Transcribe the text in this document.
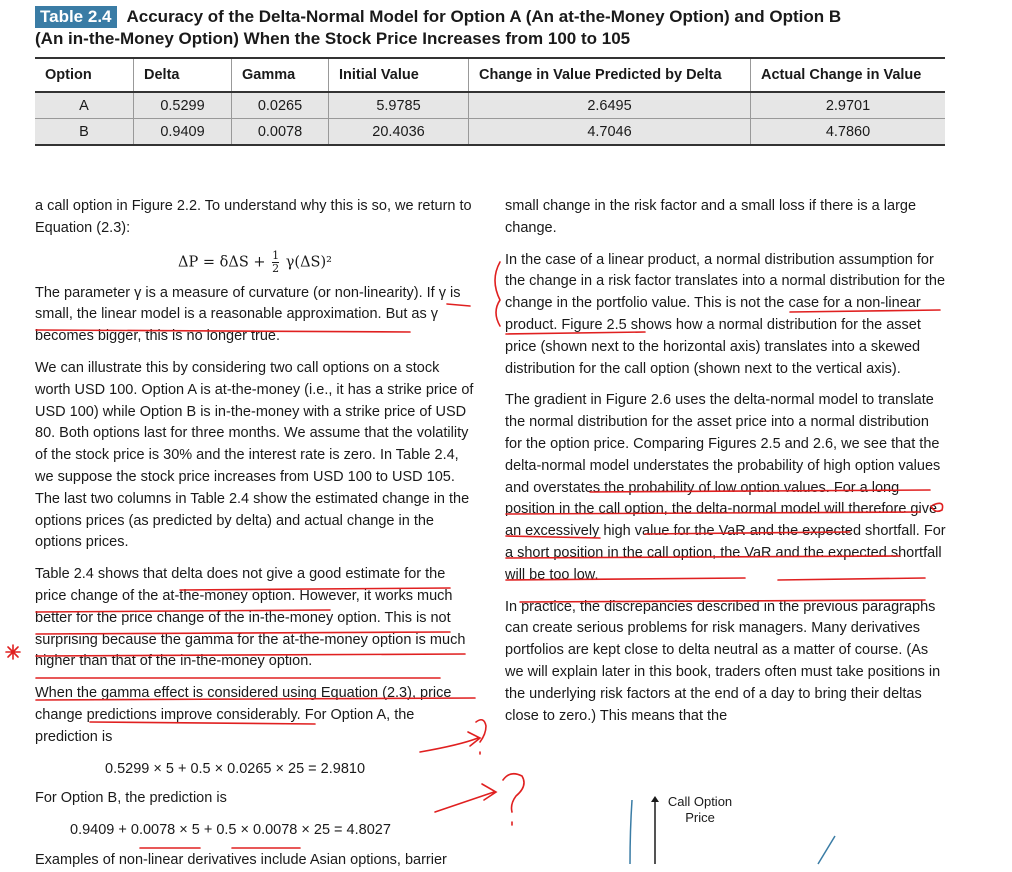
Table 2.4 Accuracy of the Delta-Normal Model for Option A (An at-the-Money Option) and Option B
(An in-the-Money Option) When the Stock Price Increases from 100 to 105
Option	Delta	Gamma	Initial Value	Change in Value Predicted by Delta	Actual Change in Value
A	0.5299	0.0265	5.9785	2.6495	2.9701
B	0.9409	0.0078	20.4036	4.7046	4.7860

a call option in Figure 2.2. To understand why this is so, we return to Equation (2.3):

$\Delta P = \delta\Delta S + \frac{1}{2} \gamma(\Delta S)^2$

The parameter γ is a measure of curvature (or non-linearity). If γ is small, the linear model is a reasonable approximation. But as γ becomes bigger, this is no longer true.

We can illustrate this by considering two call options on a stock worth USD 100. Option A is at-the-money (i.e., it has a strike price of USD 100) while Option B is in-the-money with a strike price of USD 80. Both options last for three months. We assume that the volatility of the stock price is 30% and the interest rate is zero. In Table 2.4, we suppose the stock price increases from USD 100 to USD 105. The last two columns in Table 2.4 show the estimated change in the options prices (as predicted by delta) and actual change in the options prices.

Table 2.4 shows that delta does not give a good estimate for the price change of the at-the-money option. However, it works much better for the price change of the in-the-money option. This is not surprising because the gamma for the at-the-money option is much higher than that of the in-the-money option.

When the gamma effect is considered using Equation (2.3), price change predictions improve considerably. For Option A, the prediction is

0.5299 × 5 + 0.5 × 0.0265 × 25 = 2.9810

For Option B, the prediction is

0.9409 + 0.0078 × 5 + 0.5 × 0.0078 × 25 = 4.8027
Examples of non-linear derivatives include Asian options, barrier

small change in the risk factor and a small loss if there is a large change.

In the case of a linear product, a normal distribution assumption for the change in a risk factor translates into a normal distribution for the change in the portfolio value. This is not the case for a non-linear product. Figure 2.5 shows how a normal distribution for the asset price (shown next to the horizontal axis) translates into a skewed distribution for the call option (shown next to the vertical axis).

The gradient in Figure 2.6 uses the delta-normal model to translate the normal distribution for the asset price into a normal distribution for the option price. Comparing Figures 2.5 and 2.6, we see that the delta-normal model understates the probability of high option values and overstates the probability of low option values. For a long position in the call option, the delta-normal model will therefore give an excessively high value for the VaR and the expected shortfall. For a short position in the call option, the VaR and the expected shortfall will be too low.

In practice, the discrepancies described in the previous paragraphs can create serious problems for risk managers. Many derivatives portfolios are kept close to delta neutral as a matter of course. (As we will explain later in this book, traders often must take positions in the underlying risk factors at the end of a day to bring their deltas close to zero.) This means that the

Call Option
Price
